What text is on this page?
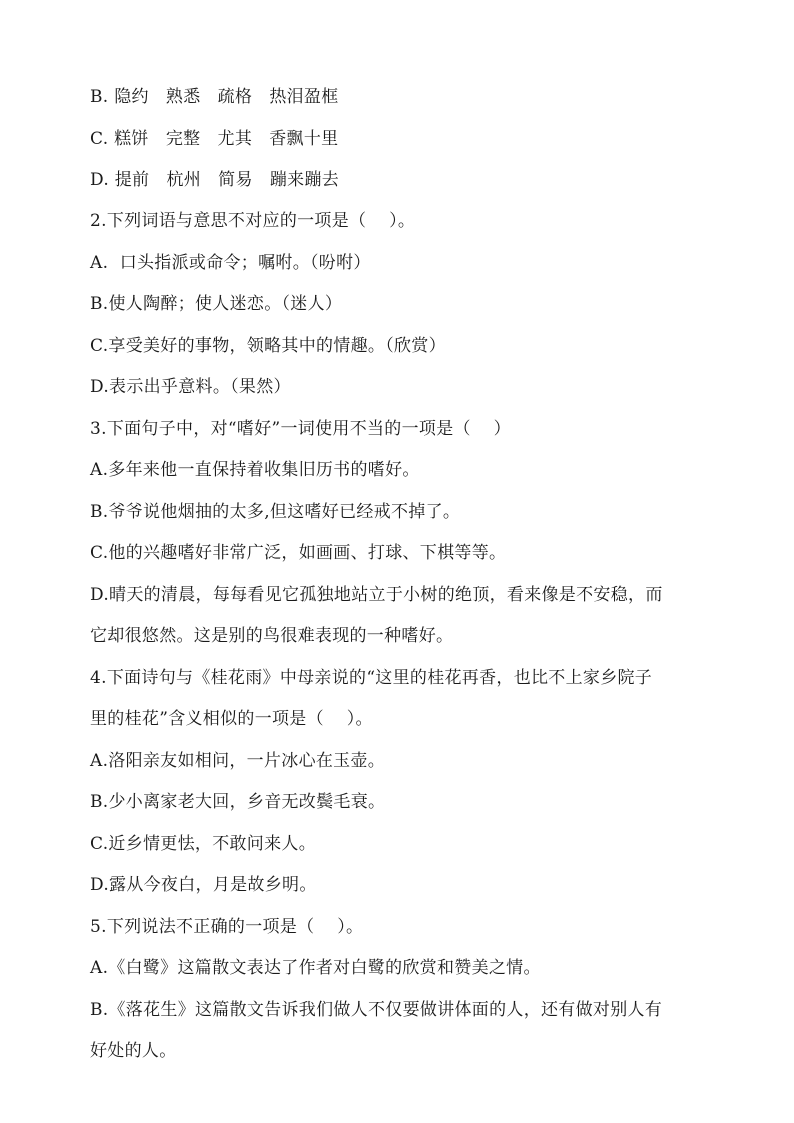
B. 隐约   熟悉   疏格   热泪盈框
C. 糕饼   完整   尤其   香飘十里
D. 提前   杭州   简易   蹦来蹦去
2.下列词语与意思不对应的一项是（    ）。
A.  口头指派或命令；嘱咐。（吩咐）
B.使人陶醉；使人迷恋。（迷人）
C.享受美好的事物，领略其中的情趣。（欣赏）
D.表示出乎意料。（果然）
3.下面句子中，对“嗜好”一词使用不当的一项是（    ）
A.多年来他一直保持着收集旧历书的嗜好。
B.爷爷说他烟抽的太多,但这嗜好已经戒不掉了。
C.他的兴趣嗜好非常广泛，如画画、打球、下棋等等。
D.晴天的清晨，每每看见它孤独地站立于小树的绝顶，看来像是不安稳，而
它却很悠然。这是别的鸟很难表现的一种嗜好。
4.下面诗句与《桂花雨》中母亲说的“这里的桂花再香，也比不上家乡院子
里的桂花”含义相似的一项是（    ）。
A.洛阳亲友如相问，一片冰心在玉壶。
B.少小离家老大回，乡音无改鬓毛衰。
C.近乡情更怯，不敢问来人。
D.露从今夜白，月是故乡明。
5.下列说法不正确的一项是（    ）。
A.《白鹭》这篇散文表达了作者对白鹭的欣赏和赞美之情。
B.《落花生》这篇散文告诉我们做人不仅要做讲体面的人，还有做对别人有
好处的人。
